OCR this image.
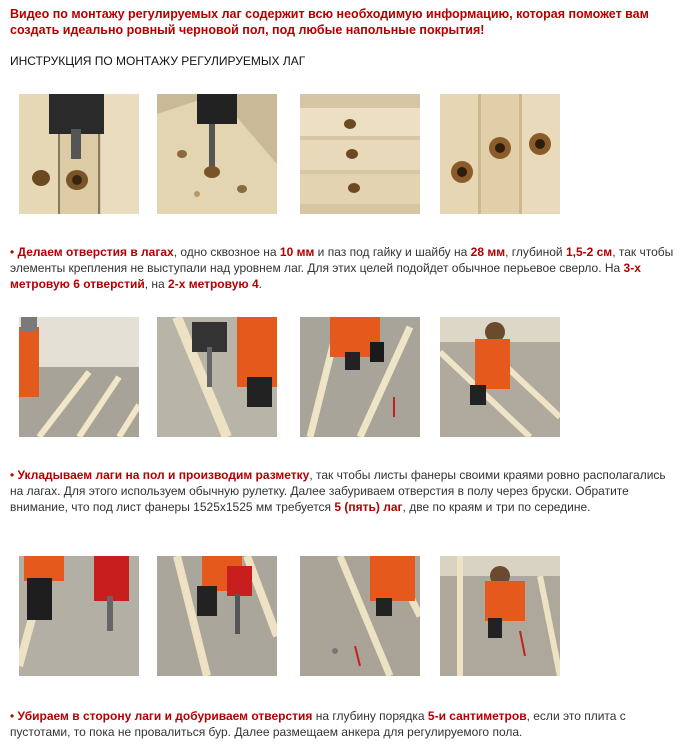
Видео по монтажу регулируемых лаг содержит всю необходимую информацию, которая поможет вам создать идеально ровный черновой пол, под любые напольные покрытия!
ИНСТРУКЦИЯ ПО МОНТАЖУ РЕГУЛИРУЕМЫХ ЛАГ
• Делаем отверстия в лагах, одно сквозное на 10 мм и паз под гайку и шайбу на 28 мм, глубиной 1,5-2 см, так чтобы элементы крепления не выступали над уровнем лаг. Для этих целей подойдет обычное перьевое сверло. На 3-х метровую 6 отверстий, на 2-х метровую 4.
• Укладываем лаги на пол и производим разметку, так чтобы листы фанеры своими краями ровно располагались на лагах. Для этого используем обычную рулетку. Далее забуриваем отверстия в полу через бруски. Обратите внимание, что под лист фанеры 1525x1525 мм требуется 5 (пять) лаг, две по краям и три по середине.
• Убираем в сторону лаги и добуриваем отверстия на глубину порядка 5-и сантиметров, если это плита с пустотами, то пока не провалиться бур. Далее размещаем анкера для регулируемого пола.
